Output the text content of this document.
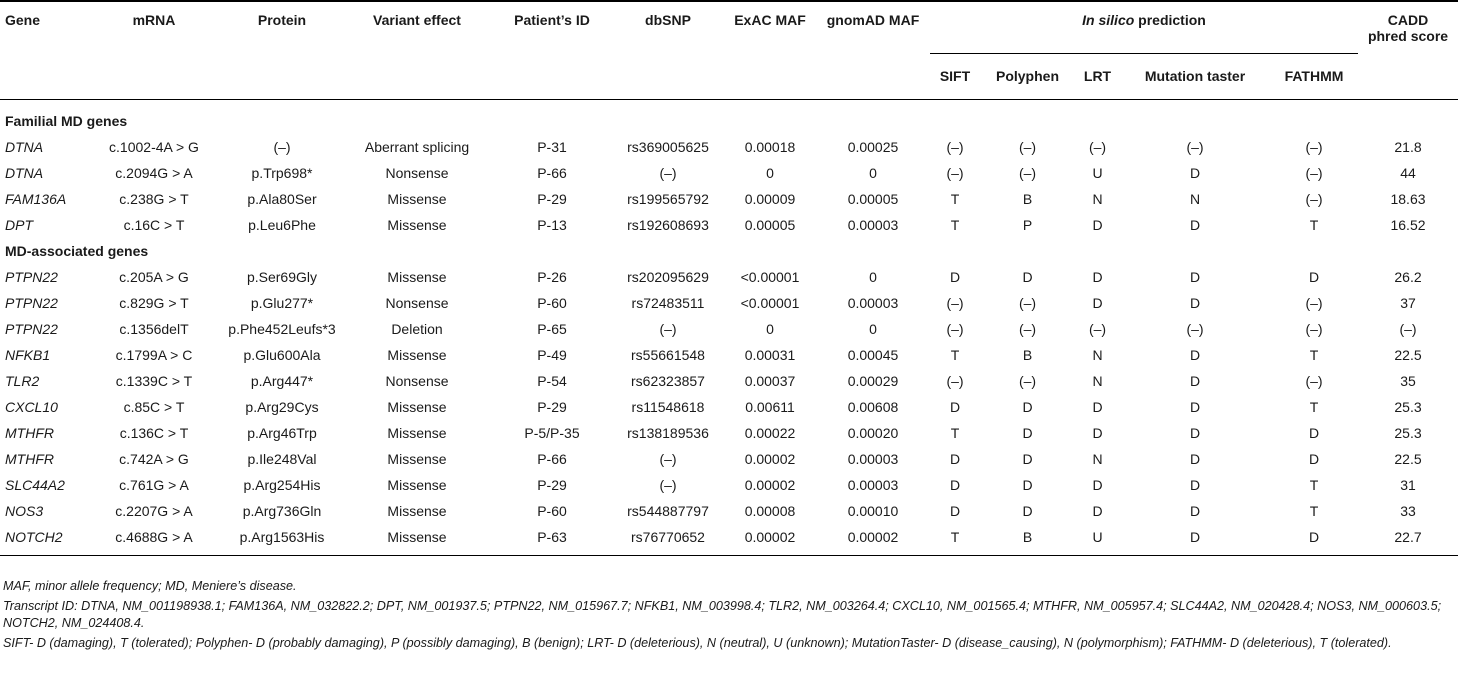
Gene	mRNA	Protein	Variant effect	Patient’s ID	dbSNP	ExAC MAF	gnomAD MAF	In silico prediction					CADD
phred score
								SIFT	Polyphen	LRT	Mutation taster	FATHMM	

Familial MD genes													
DTNA	c.1002-4A > G	(–)	Aberrant splicing	P-31	rs369005625	0.00018	0.00025	(–)	(–)	(–)	(–)	(–)	21.8
DTNA	c.2094G > A	p.Trp698*	Nonsense	P-66	(–)	0	0	(–)	(–)	U	D	(–)	44
FAM136A	c.238G > T	p.Ala80Ser	Missense	P-29	rs199565792	0.00009	0.00005	T	B	N	N	(–)	18.63
DPT	c.16C > T	p.Leu6Phe	Missense	P-13	rs192608693	0.00005	0.00003	T	P	D	D	T	16.52
MD-associated genes													
PTPN22	c.205A > G	p.Ser69Gly	Missense	P-26	rs202095629	<0.00001	0	D	D	D	D	D	26.2
PTPN22	c.829G > T	p.Glu277*	Nonsense	P-60	rs72483511	<0.00001	0.00003	(–)	(–)	D	D	(–)	37
PTPN22	c.1356delT	p.Phe452Leufs*3	Deletion	P-65	(–)	0	0	(–)	(–)	(–)	(–)	(–)	(–)
NFKB1	c.1799A > C	p.Glu600Ala	Missense	P-49	rs55661548	0.00031	0.00045	T	B	N	D	T	22.5
TLR2	c.1339C > T	p.Arg447*	Nonsense	P-54	rs62323857	0.00037	0.00029	(–)	(–)	N	D	(–)	35
CXCL10	c.85C > T	p.Arg29Cys	Missense	P-29	rs11548618	0.00611	0.00608	D	D	D	D	T	25.3
MTHFR	c.136C > T	p.Arg46Trp	Missense	P-5/P-35	rs138189536	0.00022	0.00020	T	D	D	D	D	25.3
MTHFR	c.742A > G	p.Ile248Val	Missense	P-66	(–)	0.00002	0.00003	D	D	N	D	D	22.5
SLC44A2	c.761G > A	p.Arg254His	Missense	P-29	(–)	0.00002	0.00003	D	D	D	D	T	31
NOS3	c.2207G > A	p.Arg736Gln	Missense	P-60	rs544887797	0.00008	0.00010	D	D	D	D	T	33
NOTCH2	c.4688G > A	p.Arg1563His	Missense	P-63	rs76770652	0.00002	0.00002	T	B	U	D	D	22.7

MAF, minor allele frequency; MD, Meniere’s disease.

Transcript ID: DTNA, NM_001198938.1; FAM136A, NM_032822.2; DPT, NM_001937.5; PTPN22, NM_015967.7; NFKB1, NM_003998.4; TLR2, NM_003264.4; CXCL10, NM_001565.4; MTHFR, NM_005957.4; SLC44A2, NM_020428.4; NOS3, NM_000603.5; NOTCH2, NM_024408.4.

SIFT- D (damaging), T (tolerated); Polyphen- D (probably damaging), P (possibly damaging), B (benign); LRT- D (deleterious), N (neutral), U (unknown); MutationTaster- D (disease_causing), N (polymorphism); FATHMM- D (deleterious), T (tolerated).
